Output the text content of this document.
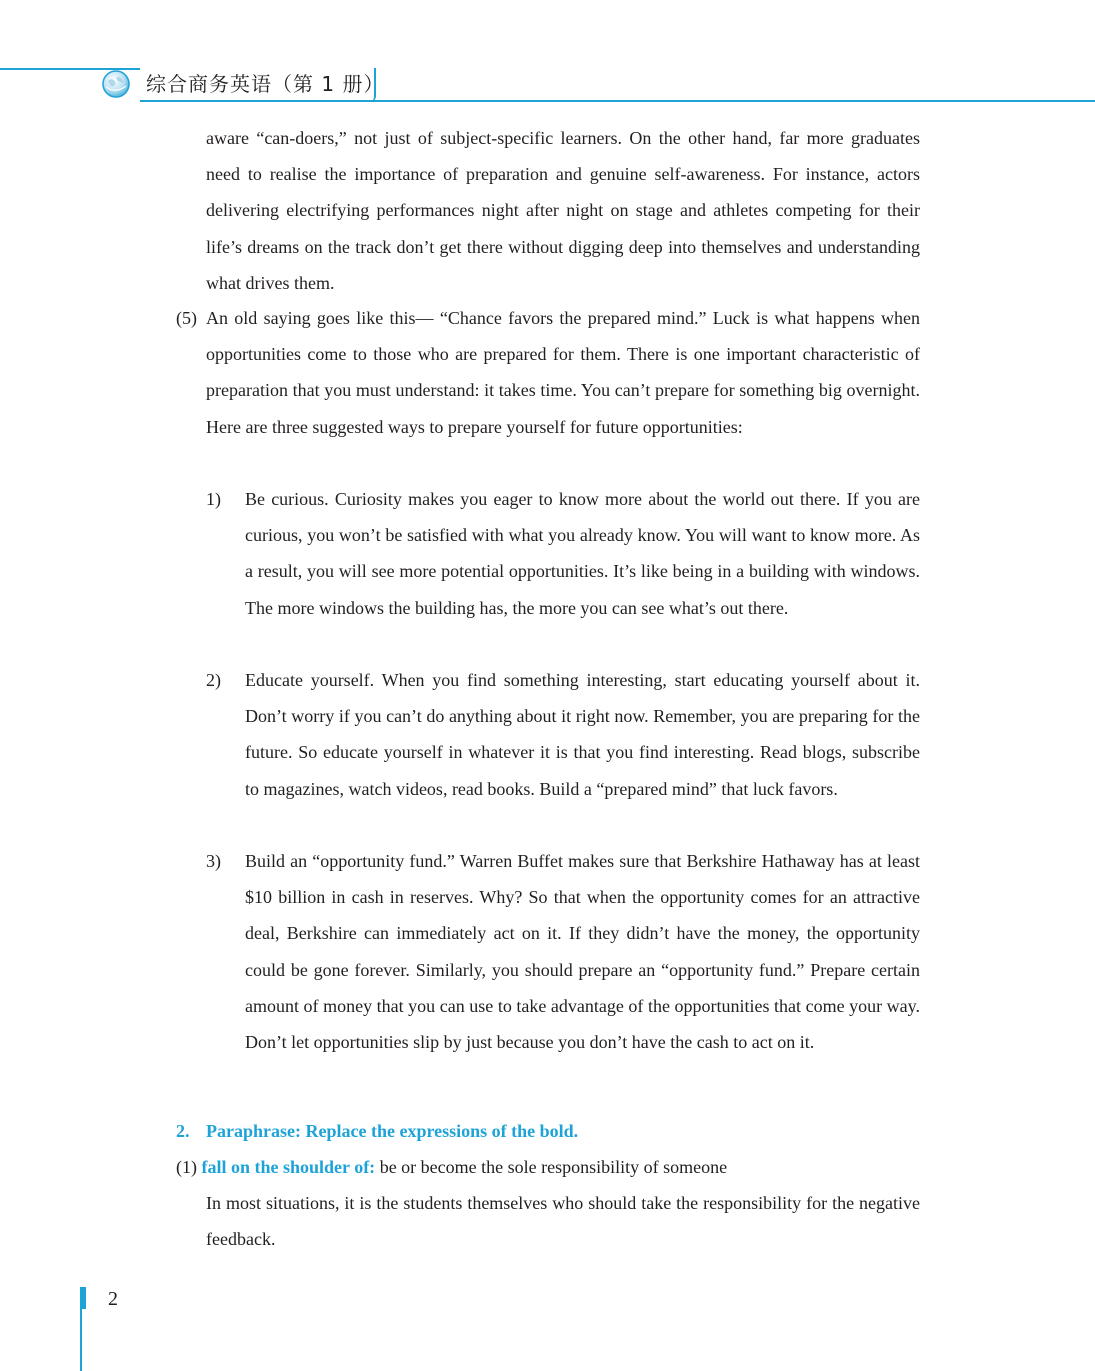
综合商务英语（第 1 册）
aware “can-doers,” not just of subject-specific learners. On the other hand, far more graduates need to realise the importance of preparation and genuine self-awareness. For instance, actors delivering electrifying performances night after night on stage and athletes competing for their life’s dreams on the track don’t get there without digging deep into themselves and understanding what drives them.
(5) An old saying goes like this— “Chance favors the prepared mind.” Luck is what happens when opportunities come to those who are prepared for them. There is one important characteristic of preparation that you must understand: it takes time. You can’t prepare for something big overnight. Here are three suggested ways to prepare yourself for future opportunities:
1) Be curious. Curiosity makes you eager to know more about the world out there. If you are curious, you won’t be satisfied with what you already know. You will want to know more. As a result, you will see more potential opportunities. It’s like being in a building with windows. The more windows the building has, the more you can see what’s out there.
2) Educate yourself. When you find something interesting, start educating yourself about it. Don’t worry if you can’t do anything about it right now. Remember, you are preparing for the future. So educate yourself in whatever it is that you find interesting. Read blogs, subscribe to magazines, watch videos, read books. Build a “prepared mind” that luck favors.
3) Build an “opportunity fund.” Warren Buffet makes sure that Berkshire Hathaway has at least $10 billion in cash in reserves. Why? So that when the opportunity comes for an attractive deal, Berkshire can immediately act on it. If they didn’t have the money, the opportunity could be gone forever. Similarly, you should prepare an “opportunity fund.” Prepare certain amount of money that you can use to take advantage of the opportunities that come your way. Don’t let opportunities slip by just because you don’t have the cash to act on it.
2. Paraphrase: Replace the expressions of the bold.
(1) fall on the shoulder of: be or become the sole responsibility of someone
In most situations, it is the students themselves who should take the responsibility for the negative feedback.
2
